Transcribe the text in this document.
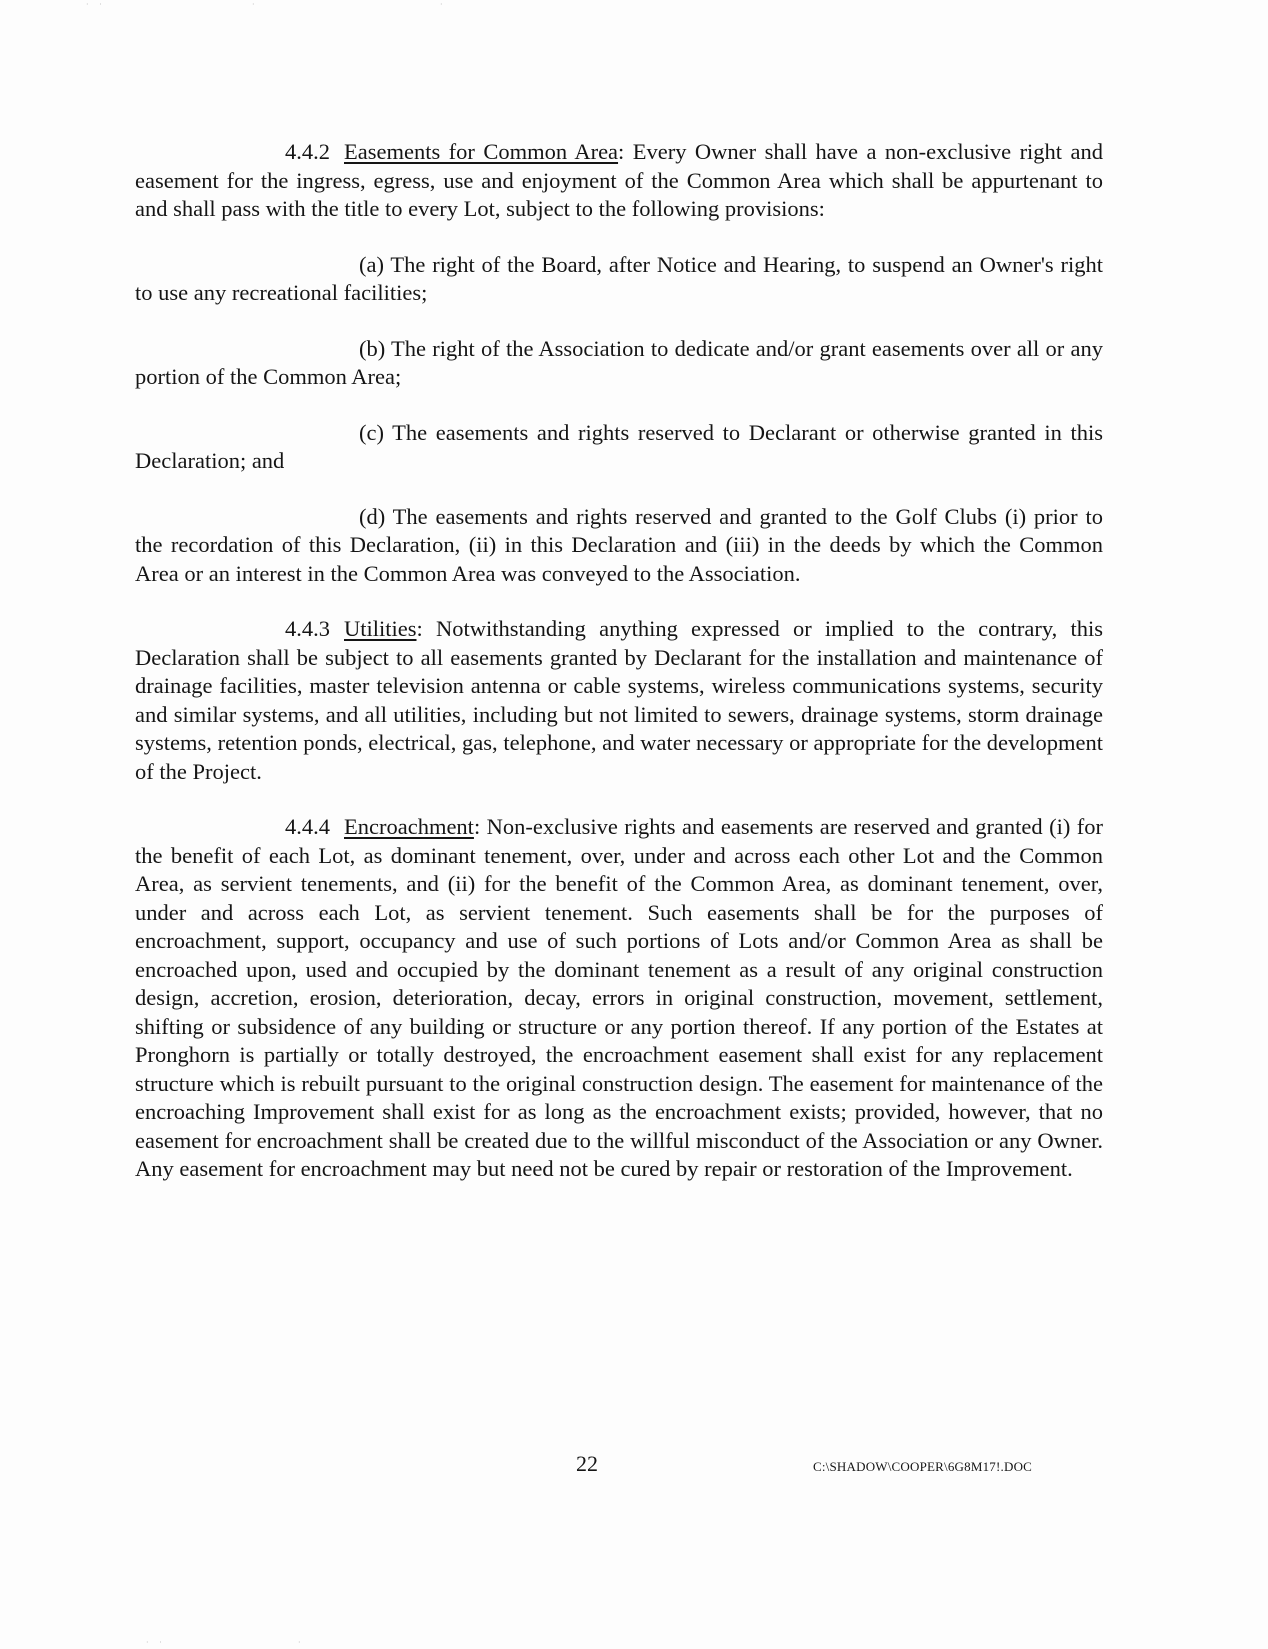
· ·	·	·
· ·	·

4.4.2 Easements for Common Area: Every Owner shall have a non-exclusive right and easement for the ingress, egress, use and enjoyment of the Common Area which shall be appurtenant to and shall pass with the title to every Lot, subject to the following provisions:

(a) The right of the Board, after Notice and Hearing, to suspend an Owner's right to use any recreational facilities;

(b) The right of the Association to dedicate and/or grant easements over all or any portion of the Common Area;

(c) The easements and rights reserved to Declarant or otherwise granted in this Declaration; and

(d) The easements and rights reserved and granted to the Golf Clubs (i) prior to the recordation of this Declaration, (ii) in this Declaration and (iii) in the deeds by which the Common Area or an interest in the Common Area was conveyed to the Association.

4.4.3 Utilities: Notwithstanding anything expressed or implied to the contrary, this Declaration shall be subject to all easements granted by Declarant for the installation and maintenance of drainage facilities, master television antenna or cable systems, wireless communications systems, security and similar systems, and all utilities, including but not limited to sewers, drainage systems, storm drainage systems, retention ponds, electrical, gas, telephone, and water necessary or appropriate for the development of the Project.

4.4.4 Encroachment: Non-exclusive rights and easements are reserved and granted (i) for the benefit of each Lot, as dominant tenement, over, under and across each other Lot and the Common Area, as servient tenements, and (ii) for the benefit of the Common Area, as dominant tenement, over, under and across each Lot, as servient tenement. Such easements shall be for the purposes of encroachment, support, occupancy and use of such portions of Lots and/or Common Area as shall be encroached upon, used and occupied by the dominant tenement as a result of any original construction design, accretion, erosion, deterioration, decay, errors in original construction, movement, settlement, shifting or subsidence of any building or structure or any portion thereof. If any portion of the Estates at Pronghorn is partially or totally destroyed, the encroachment easement shall exist for any replacement structure which is rebuilt pursuant to the original construction design. The easement for maintenance of the encroaching Improvement shall exist for as long as the encroachment exists; provided, however, that no easement for encroachment shall be created due to the willful misconduct of the Association or any Owner. Any easement for encroachment may but need not be cured by repair or restoration of the Improvement.

22	C:\SHADOW\COOPER\6G8M17!.DOC
